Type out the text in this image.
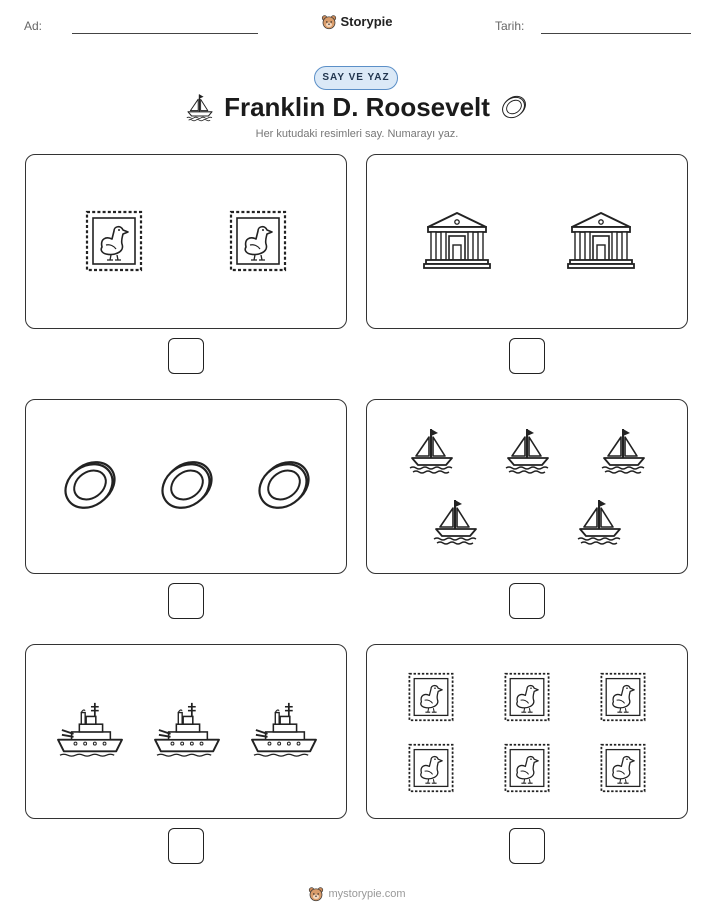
Ad:	Storypie	Tarih:
SAY VE YAZ
Franklin D. Roosevelt
Her kutudaki resimleri say. Numarayı yaz.
mystorypie.com
